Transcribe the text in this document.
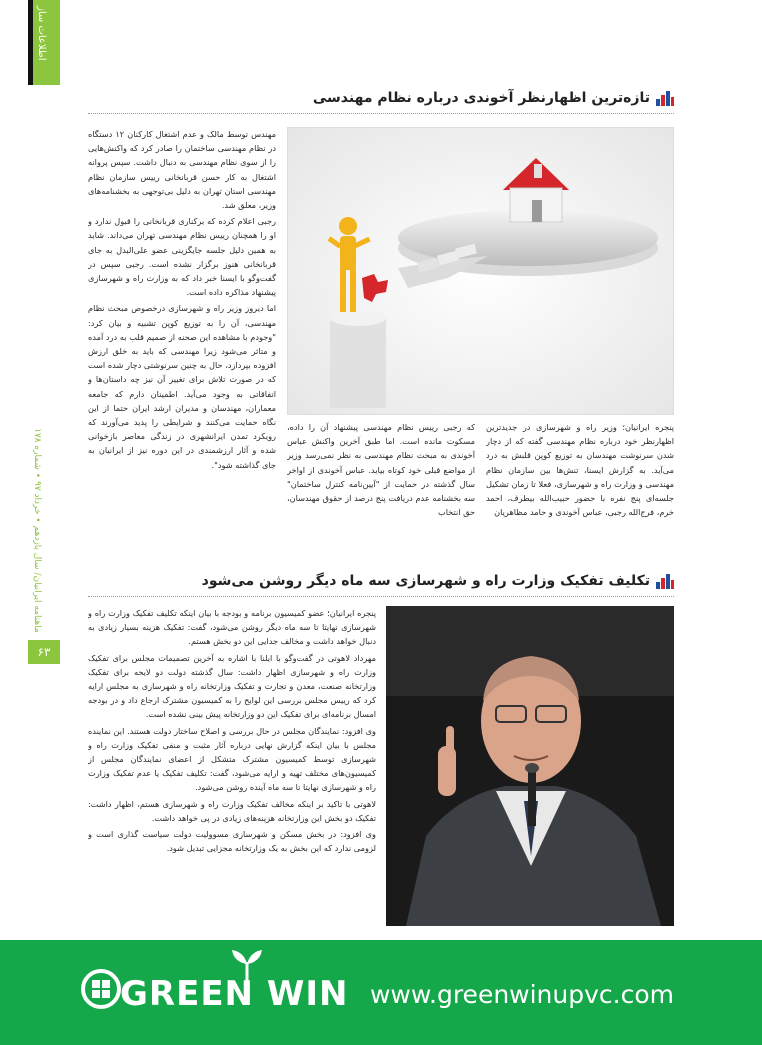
اطلاعات ساز
ماهنامه ایرانیان/ سال یازدهم • خرداد ۹۷ • شماره ۱۷۸
۶۳
تازه‌ترین اظهارنظر آخوندی درباره نظام مهندسی

پنجره ایرانیان؛ وزیر راه و شهرسازی در جدیدترین اظهارنظر خود درباره نظام مهندسی گفته که از دچار شدن سرنوشت مهندسان به توزیع کوپن قلبش به درد می‌آید. به گزارش ایسنا، تنش‌ها بین سازمان نظام مهندسی و وزارت راه و شهرسازی، فعلا تا زمان تشکیل جلسه‌ای پنج نفره با حضور حبیب‌الله بیطرف، احمد خرم، فرج‌الله رجبی، عباس آخوندی و حامد مظاهریان

که رجبی رییس نظام مهندسی پیشنهاد آن را داده، مسکوت مانده است. اما طبق آخرین واکنش عباس آخوندی به مبحث نظام مهندسی به نظر نمی‌رسد وزیر از مواضع قبلی خود کوتاه بیاید. عباس آخوندی از اواخر سال گذشته در حمایت از "آیین‌نامه کنترل ساختمان" سه بخشنامه عدم دریافت پنج درصد از حقوق مهندسان، حق انتخاب

مهندس توسط مالک و عدم اشتغال کارکنان ۱۲ دستگاه در نظام مهندسی ساختمان را صادر کرد که واکنش‌هایی را از سوی نظام مهندسی به دنبال داشت. سپس پروانه اشتغال به کار حسن قربانخانی رییس سازمان نظام مهندسی استان تهران به دلیل بی‌توجهی به بخشنامه‌های وزیر، معلق شد.

رجبی اعلام کرده که برکناری قربانخانی را قبول ندارد و او را همچنان رییس نظام مهندسی تهران می‌داند. شاید به همین دلیل جلسه جایگزینی عضو علی‌البدل به جای قربانخانی هنوز برگزار نشده است. رجبی سپس در گفت‌وگو با ایسنا خبر داد که به وزارت راه و شهرسازی پیشنهاد مذاکره داده است.

اما دیروز وزیر راه و شهرسازی درخصوص مبحث نظام مهندسی، آن را به توزیع کوپن تشبیه و بیان کرد: "وجودم با مشاهده این صحنه از صمیم قلب به درد آمده و متاثر می‌شود زیرا مهندسی که باید به خلق ارزش افزوده بپردازد، حال به چنین سرنوشتی دچار شده است که در صورت تلاش برای تغییر آن نیز چه داستان‌ها و اتفاقاتی به وجود می‌آید. اطمینان دارم که جامعه معماران، مهندسان و مدیران ارشد ایران حتما از این نگاه حمایت می‌کنند و شرایطی را پدید می‌آورند که رویکرد تمدن ایرانشهری در زندگی معاصر بازخوانی شده و آثار ارزشمندی در این دوره نیز از ایرانیان به جای گذاشته شود".

تکلیف تفکیک وزارت راه و شهرسازی سه ماه دیگر روشن می‌شود

پنجره ایرانیان؛ عضو کمیسیون برنامه و بودجه با بیان اینکه تکلیف تفکیک وزارت راه و شهرسازی نهایتا تا سه ماه دیگر روشن می‌شود، گفت: تفکیک هزینه بسیار زیادی به دنبال خواهد داشت و مخالف جدایی این دو بخش هستم.

مهرداد لاهوتی در گفت‌وگو با ایلنا با اشاره به آخرین تصمیمات مجلس برای تفکیک وزارت راه و شهرسازی اظهار داشت: سال گذشته دولت دو لایحه برای تفکیک وزارتخانه صنعت، معدن و تجارت و تفکیک وزارتخانه راه و شهرسازی به مجلس ارایه کرد که رییس مجلس بررسی این لوایح را به کمیسیون مشترک ارجاع داد و در بودجه امسال برنامه‌ای برای تفکیک این دو وزارتخانه پیش بینی نشده است.

وی افزود: نمایندگان مجلس در حال بررسی و اصلاح ساختار دولت هستند. این نماینده مجلس با بیان اینکه گزارش نهایی درباره آثار مثبت و منفی تفکیک وزارت راه و شهرسازی توسط کمیسیون مشترک متشکل از اعضای نمایندگان مجلس از کمیسیون‌های مختلف تهیه و ارایه می‌شود، گفت: تکلیف تفکیک یا عدم تفکیک وزارت راه و شهرسازی نهایتا تا سه ماه آینده روشن می‌شود.

لاهوتی با تاکید بر اینکه مخالف تفکیک وزارت راه و شهرسازی هستم، اظهار داشت: تفکیک دو بخش این وزارتخانه هزینه‌های زیادی در پی خواهد داشت.

وی افزود: در بخش مسکن و شهرسازی مسوولیت دولت سیاست گذاری است و لزومی ندارد که این بخش به یک وزارتخانه مجزایی تبدیل شود.

GREEN WIN www.greenwinupvc.com
